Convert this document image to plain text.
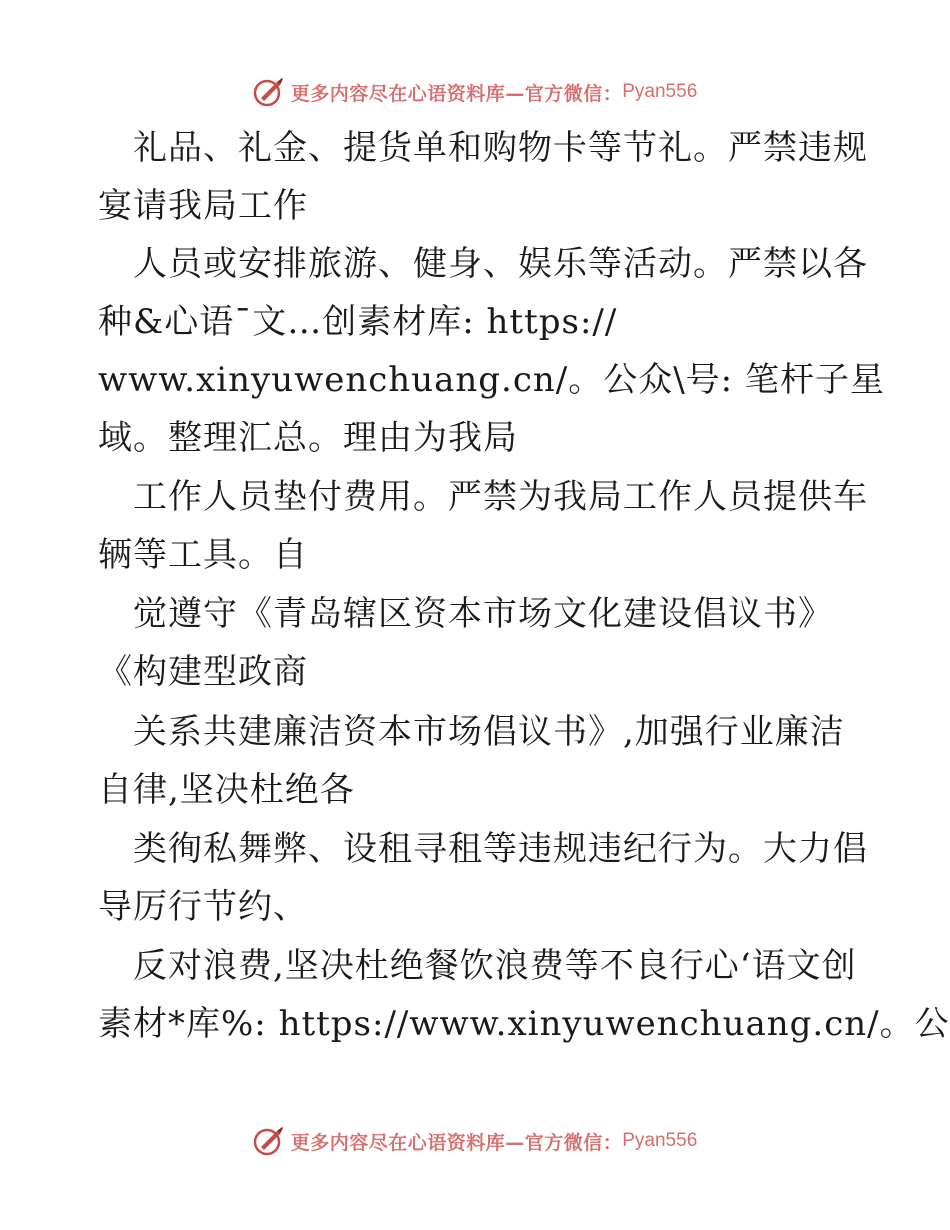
更多内容尽在心语资料库—官方微信： Pyan556
礼品、礼金、提货单和购物卡等节礼。严禁违规
宴请我局工作
人员或安排旅游、健身、娱乐等活动。严禁以各
种&心语¯文…创素材库: https://
www.xinyuwenchuang.cn/。公众\号: 笔杆子星
域。整理汇总。理由为我局
工作人员垫付费用。严禁为我局工作人员提供车
辆等工具。自
觉遵守《青岛辖区资本市场文化建设倡议书》
《构建型政商
关系共建廉洁资本市场倡议书》,加强行业廉洁
自律,坚决杜绝各
类徇私舞弊、设租寻租等违规违纪行为。大力倡
导厉行节约、
反对浪费,坚决杜绝餐饮浪费等不良行心‘语文创
素材*库%: https://www.xinyuwenchuang.cn/。公
更多内容尽在心语资料库—官方微信： Pyan556
